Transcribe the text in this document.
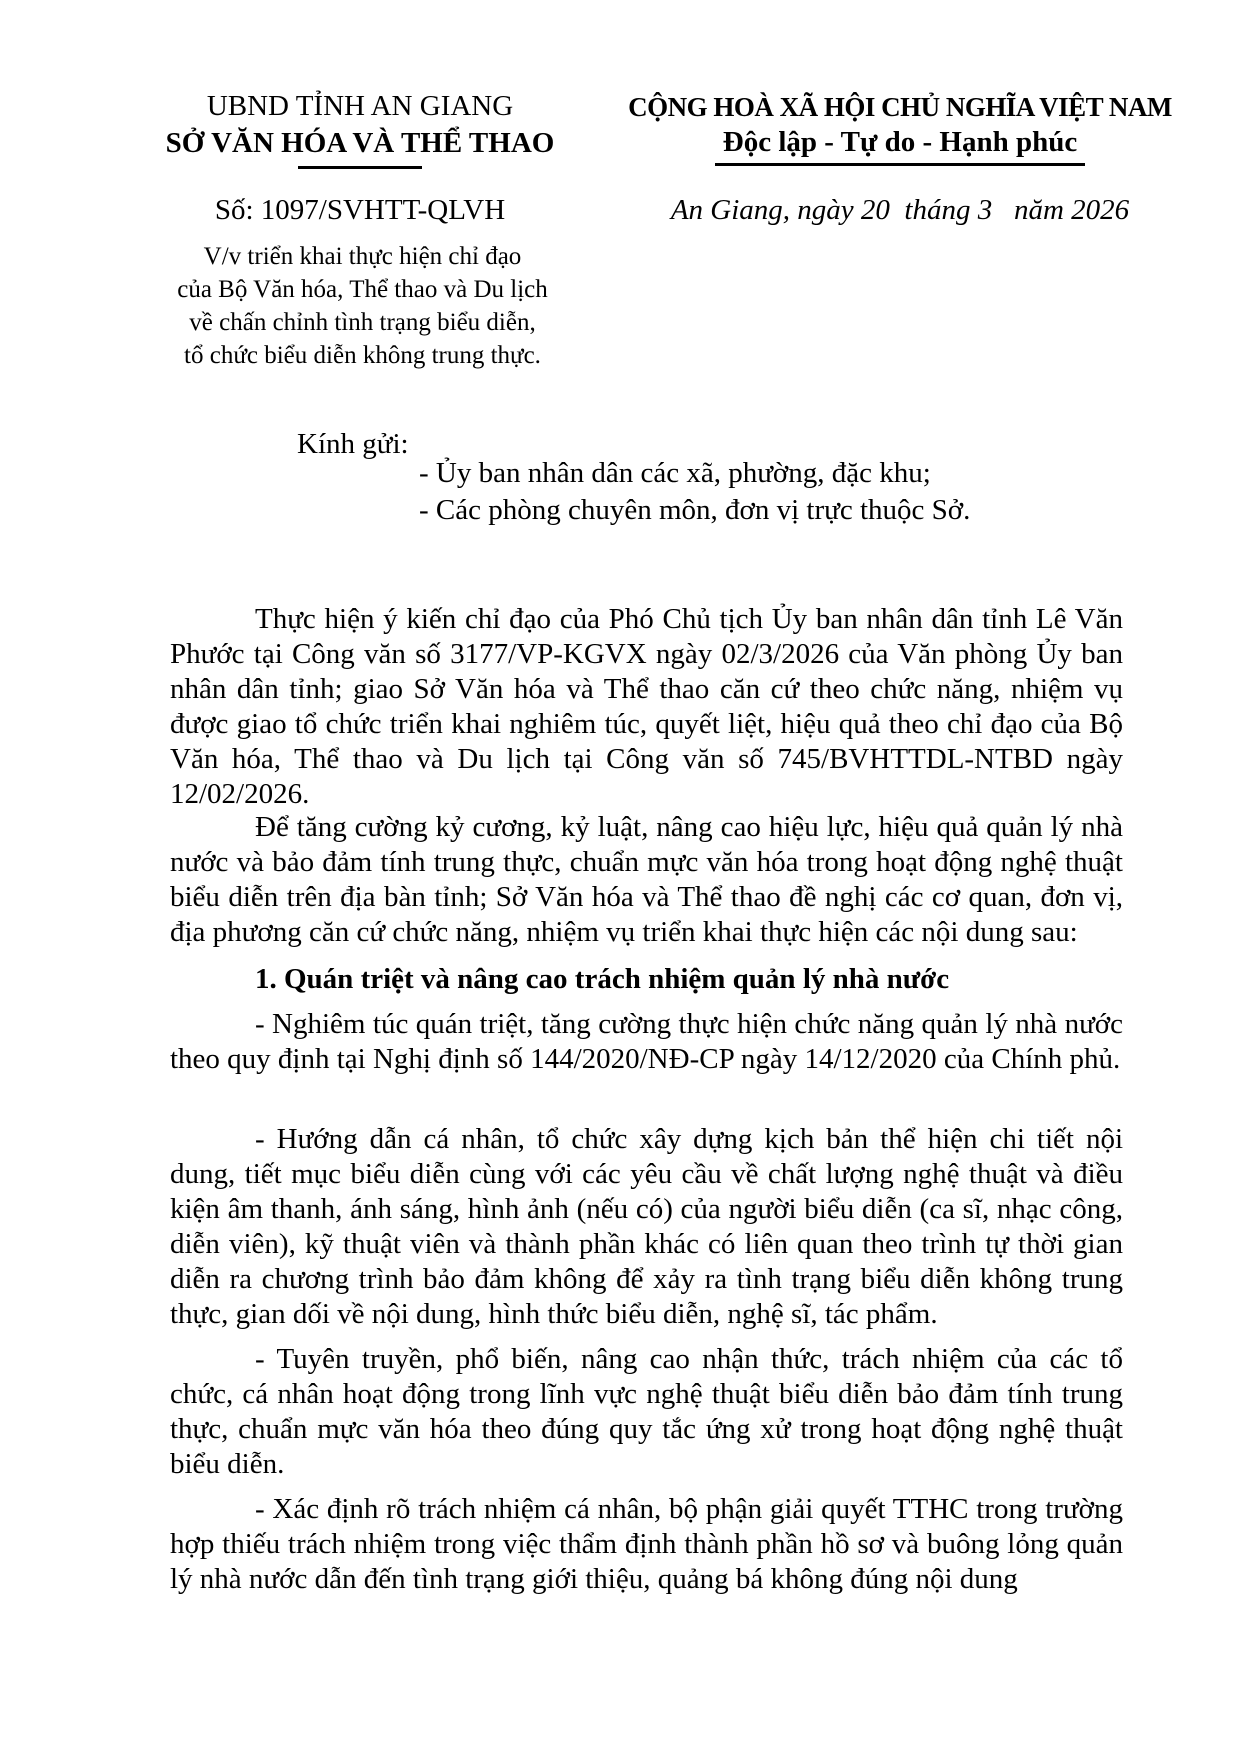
UBND TỈNH AN GIANG
SỞ VĂN HÓA VÀ THỂ THAO
CỘNG HOÀ XÃ HỘI CHỦ NGHĨA VIỆT NAM
Độc lập - Tự do - Hạnh phúc
Số: 1097/SVHTT-QLVH	An Giang, ngày 20  tháng 3   năm 2026
V/v triển khai thực hiện chỉ đạo
của Bộ Văn hóa, Thể thao và Du lịch
về chấn chỉnh tình trạng biểu diễn,
tổ chức biểu diễn không trung thực.
Kính gửi:
- Ủy ban nhân dân các xã, phường, đặc khu;
- Các phòng chuyên môn, đơn vị trực thuộc Sở.

Thực hiện ý kiến chỉ đạo của Phó Chủ tịch Ủy ban nhân dân tỉnh Lê Văn Phước tại Công văn số 3177/VP-KGVX ngày 02/3/2026 của Văn phòng Ủy ban nhân dân tỉnh; giao Sở Văn hóa và Thể thao căn cứ theo chức năng, nhiệm vụ được giao tổ chức triển khai nghiêm túc, quyết liệt, hiệu quả theo chỉ đạo của Bộ Văn hóa, Thể thao và Du lịch tại Công văn số 745/BVHTTDL-NTBD ngày 12/02/2026.

Để tăng cường kỷ cương, kỷ luật, nâng cao hiệu lực, hiệu quả quản lý nhà nước và bảo đảm tính trung thực, chuẩn mực văn hóa trong hoạt động nghệ thuật biểu diễn trên địa bàn tỉnh; Sở Văn hóa và Thể thao đề nghị các cơ quan, đơn vị, địa phương căn cứ chức năng, nhiệm vụ triển khai thực hiện các nội dung sau:

1. Quán triệt và nâng cao trách nhiệm quản lý nhà nước

- Nghiêm túc quán triệt, tăng cường thực hiện chức năng quản lý nhà nước theo quy định tại Nghị định số 144/2020/NĐ-CP ngày 14/12/2020 của Chính phủ.

- Hướng dẫn cá nhân, tổ chức xây dựng kịch bản thể hiện chi tiết nội dung, tiết mục biểu diễn cùng với các yêu cầu về chất lượng nghệ thuật và điều kiện âm thanh, ánh sáng, hình ảnh (nếu có) của người biểu diễn (ca sĩ, nhạc công, diễn viên), kỹ thuật viên và thành phần khác có liên quan theo trình tự thời gian diễn ra chương trình bảo đảm không để xảy ra tình trạng biểu diễn không trung thực, gian dối về nội dung, hình thức biểu diễn, nghệ sĩ, tác phẩm.

- Tuyên truyền, phổ biến, nâng cao nhận thức, trách nhiệm của các tổ chức, cá nhân hoạt động trong lĩnh vực nghệ thuật biểu diễn bảo đảm tính trung thực, chuẩn mực văn hóa theo đúng quy tắc ứng xử trong hoạt động nghệ thuật biểu diễn.

- Xác định rõ trách nhiệm cá nhân, bộ phận giải quyết TTHC trong trường hợp thiếu trách nhiệm trong việc thẩm định thành phần hồ sơ và buông lỏng quản lý nhà nước dẫn đến tình trạng giới thiệu, quảng bá không đúng nội dung
